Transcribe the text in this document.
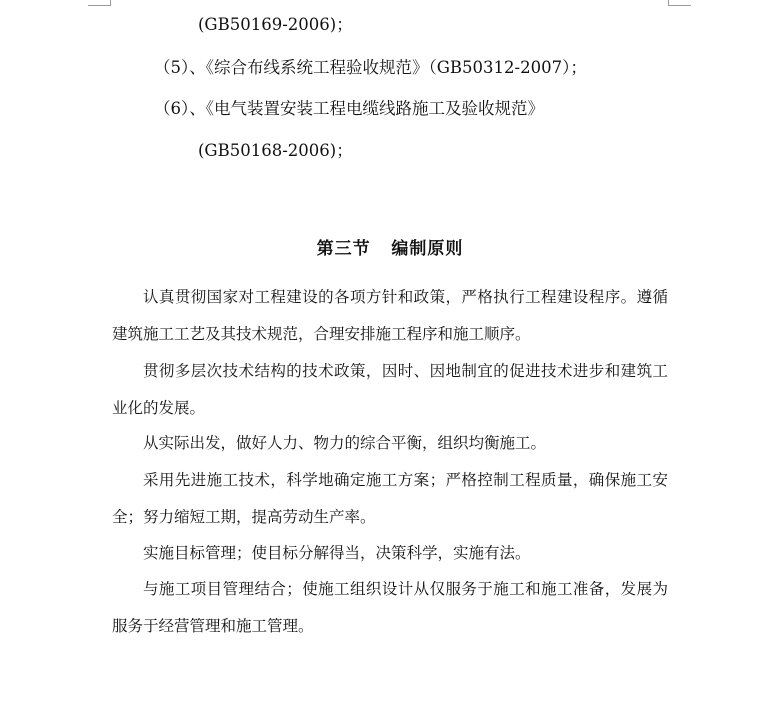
(GB50169-2006)；
（5）、《综合布线系统工程验收规范》（GB50312-2007）；
（6）、《电气装置安装工程电缆线路施工及验收规范》
(GB50168-2006)；
第三节   编制原则
认真贯彻国家对工程建设的各项方针和政策，严格执行工程建设程序。遵循建筑施工工艺及其技术规范，合理安排施工程序和施工顺序。
贯彻多层次技术结构的技术政策，因时、因地制宜的促进技术进步和建筑工业化的发展。
从实际出发，做好人力、物力的综合平衡，组织均衡施工。
采用先进施工技术，科学地确定施工方案；严格控制工程质量，确保施工安全；努力缩短工期，提高劳动生产率。
实施目标管理；使目标分解得当，决策科学，实施有法。
与施工项目管理结合；使施工组织设计从仅服务于施工和施工准备，发展为服务于经营管理和施工管理。
